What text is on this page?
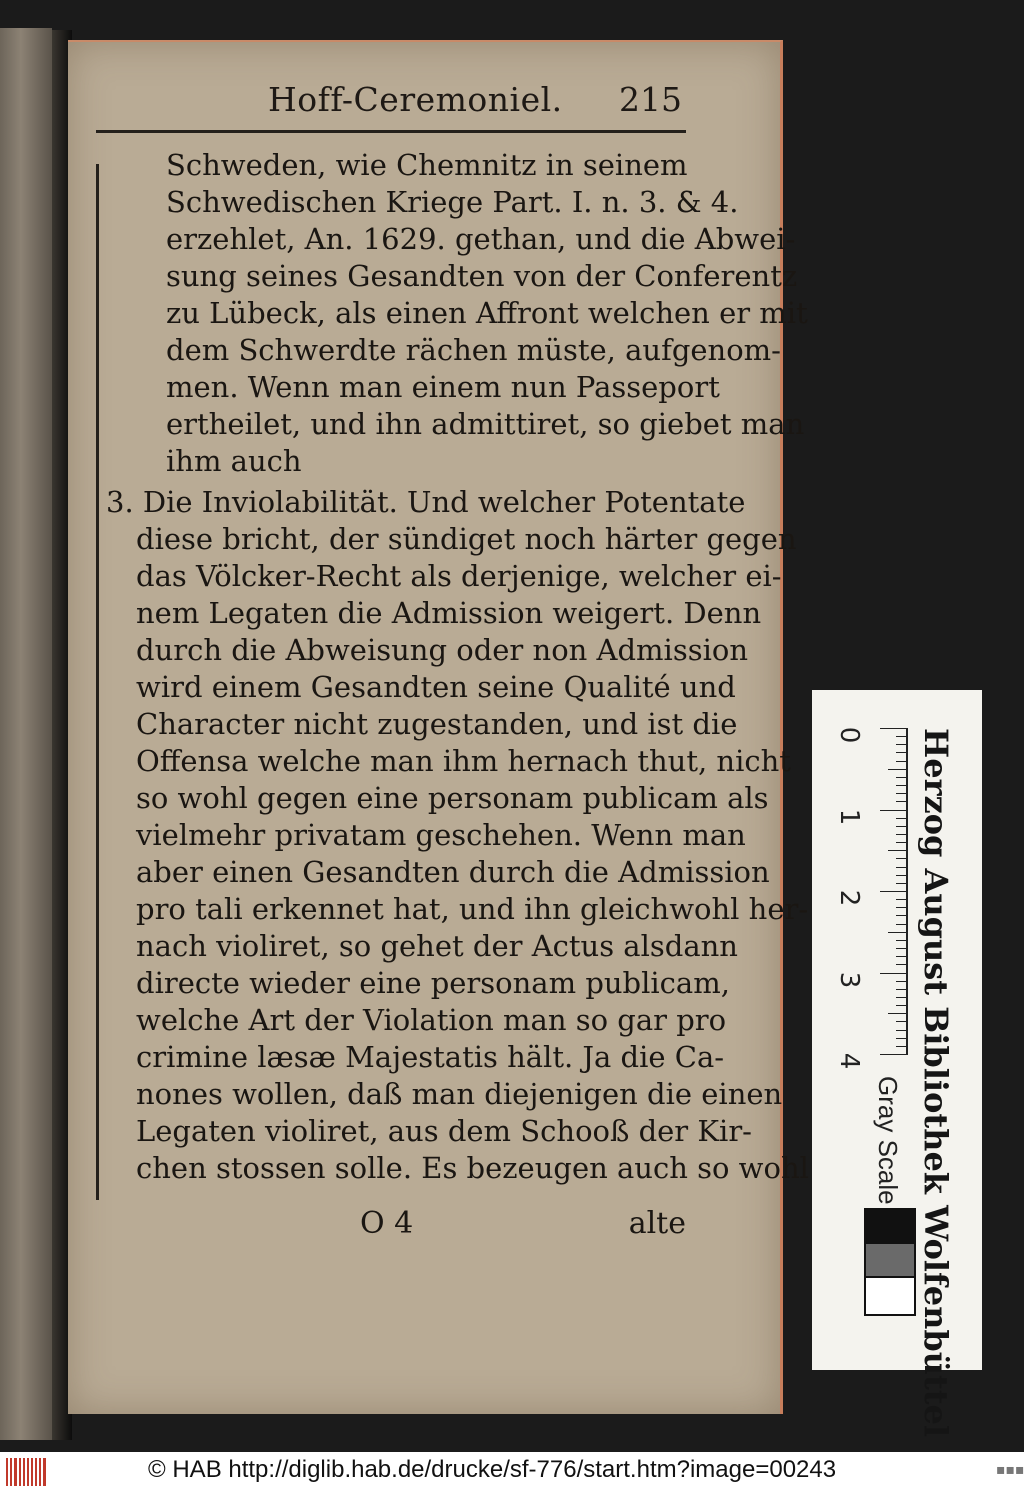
Hoff-Ceremoniel. 215
Schweden, wie Chemnitz in seinem
Schwedischen Kriege Part. I. n. 3. & 4.
erzehlet, An. 1629. gethan, und die Abwei-
sung seines Gesandten von der Conferentz
zu Lübeck, als einen Affront welchen er mit
dem Schwerdte rächen müste, aufgenom-
men. Wenn man einem nun Passeport
ertheilet, und ihn admittiret, so giebet man
ihm auch
3. Die Inviolabilität. Und welcher Potentate
diese bricht, der sündiget noch härter gegen
das Völcker-Recht als derjenige, welcher ei-
nem Legaten die Admission weigert. Denn
durch die Abweisung oder non Admission
wird einem Gesandten seine Qualité und
Character nicht zugestanden, und ist die
Offensa welche man ihm hernach thut, nicht
so wohl gegen eine personam publicam als
vielmehr privatam geschehen. Wenn man
aber einen Gesandten durch die Admission
pro tali erkennet hat, und ihn gleichwohl her-
nach violiret, so gehet der Actus alsdann
directe wieder eine personam publicam,
welche Art der Violation man so gar pro
crimine læsæ Majestatis hält. Ja die Ca-
nones wollen, daß man diejenigen die einen
Legaten violiret, aus dem Schooß der Kir-
chen stossen solle. Es bezeugen auch so wohl
O 4	alte	Herzog August Bibliothek Wolfenbüttel
0
1
2
3
4
Gray Scale
© HAB http://diglib.hab.de/drucke/sf-776/start.htm?image=00243	▪▪▪
